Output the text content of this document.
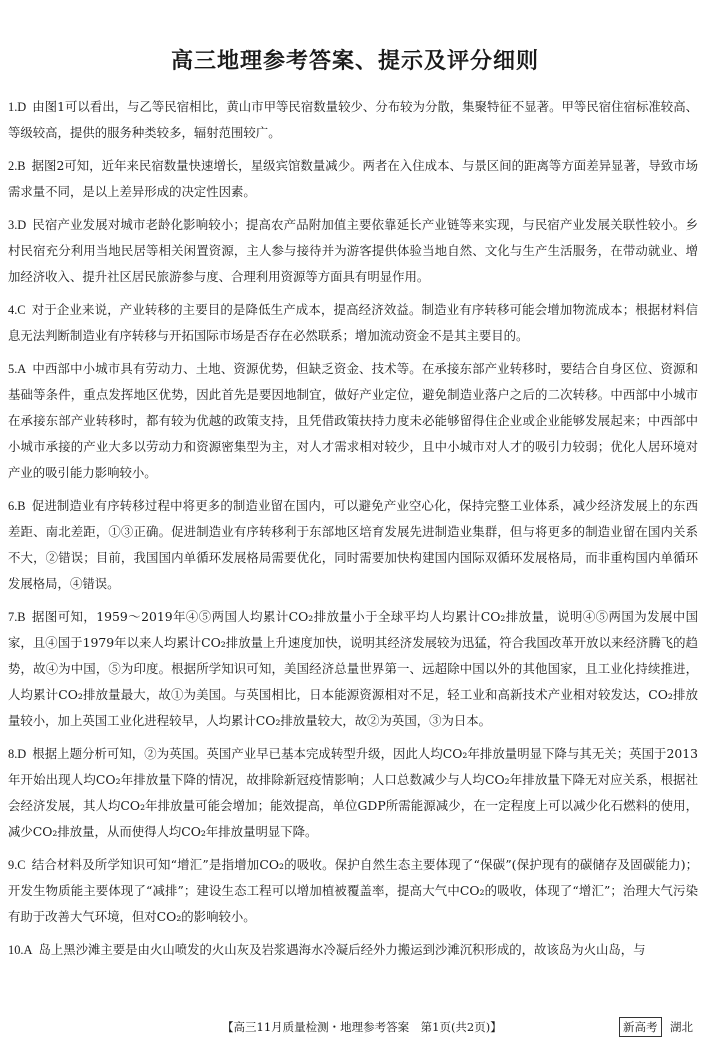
高三地理参考答案、提示及评分细则
1.D 由图1可以看出，与乙等民宿相比，黄山市甲等民宿数量较少、分布较为分散，集聚特征不显著。甲等民宿住宿标准较高、等级较高，提供的服务种类较多，辐射范围较广。
2.B 据图2可知，近年来民宿数量快速增长，星级宾馆数量减少。两者在入住成本、与景区间的距离等方面差异显著，导致市场需求量不同，是以上差异形成的决定性因素。
3.D 民宿产业发展对城市老龄化影响较小；提高农产品附加值主要依靠延长产业链等来实现，与民宿产业发展关联性较小。乡村民宿充分利用当地民居等相关闲置资源，主人参与接待并为游客提供体验当地自然、文化与生产生活服务，在带动就业、增加经济收入、提升社区居民旅游参与度、合理利用资源等方面具有明显作用。
4.C 对于企业来说，产业转移的主要目的是降低生产成本，提高经济效益。制造业有序转移可能会增加物流成本；根据材料信息无法判断制造业有序转移与开拓国际市场是否存在必然联系；增加流动资金不是其主要目的。
5.A 中西部中小城市具有劳动力、土地、资源优势，但缺乏资金、技术等。在承接东部产业转移时，要结合自身区位、资源和基础等条件，重点发挥地区优势，因此首先是要因地制宜，做好产业定位，避免制造业落户之后的二次转移。中西部中小城市在承接东部产业转移时，都有较为优越的政策支持，且凭借政策扶持力度未必能够留得住企业或企业能够发展起来；中西部中小城市承接的产业大多以劳动力和资源密集型为主，对人才需求相对较少，且中小城市对人才的吸引力较弱；优化人居环境对产业的吸引能力影响较小。
6.B 促进制造业有序转移过程中将更多的制造业留在国内，可以避免产业空心化，保持完整工业体系，减少经济发展上的东西差距、南北差距，①③正确。促进制造业有序转移利于东部地区培育发展先进制造业集群，但与将更多的制造业留在国内关系不大，②错误；目前，我国国内单循环发展格局需要优化，同时需要加快构建国内国际双循环发展格局，而非重构国内单循环发展格局，④错误。
7.B 据图可知，1959～2019年④⑤两国人均累计CO₂排放量小于全球平均人均累计CO₂排放量，说明④⑤两国为发展中国家，且④国于1979年以来人均累计CO₂排放量上升速度加快，说明其经济发展较为迅猛，符合我国改革开放以来经济腾飞的趋势，故④为中国，⑤为印度。根据所学知识可知，美国经济总量世界第一、远超除中国以外的其他国家，且工业化持续推进，人均累计CO₂排放量最大，故①为美国。与英国相比，日本能源资源相对不足，轻工业和高新技术产业相对较发达，CO₂排放量较小，加上英国工业化进程较早，人均累计CO₂排放量较大，故②为英国，③为日本。
8.D 根据上题分析可知，②为英国。英国产业早已基本完成转型升级，因此人均CO₂年排放量明显下降与其无关；英国于2013年开始出现人均CO₂年排放量下降的情况，故排除新冠疫情影响；人口总数减少与人均CO₂年排放量下降无对应关系，根据社会经济发展，其人均CO₂年排放量可能会增加；能效提高，单位GDP所需能源减少，在一定程度上可以减少化石燃料的使用，减少CO₂排放量，从而使得人均CO₂年排放量明显下降。
9.C 结合材料及所学知识可知“增汇”是指增加CO₂的吸收。保护自然生态主要体现了“保碳”(保护现有的碳储存及固碳能力)；开发生物质能主要体现了“减排”；建设生态工程可以增加植被覆盖率，提高大气中CO₂的吸收，体现了“增汇”；治理大气污染有助于改善大气环境，但对CO₂的影响较小。
10.A 岛上黑沙滩主要是由火山喷发的火山灰及岩浆遇海水冷凝后经外力搬运到沙滩沉积形成的，故该岛为火山岛，与
【高三11月质量检测・地理参考答案　第1页(共2页)】	新高考	湖北
